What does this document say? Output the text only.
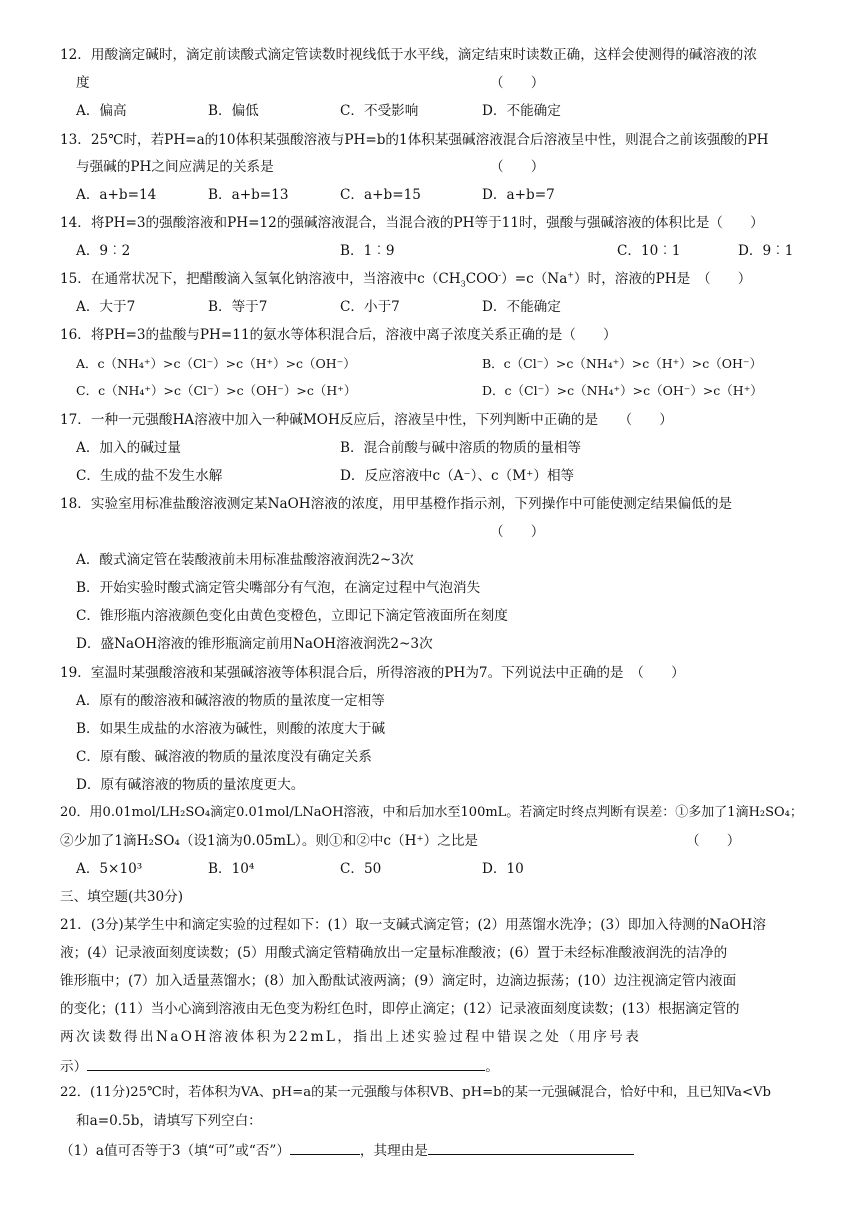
12．用酸滴定碱时，滴定前读酸式滴定管读数时视线低于水平线，滴定结束时读数正确，这样会使测得的碱溶液的浓
度	（　　）
A．偏高	B．偏低	C．不受影响	D．不能确定
13．25℃时，若PH=a的10体积某强酸溶液与PH=b的1体积某强碱溶液混合后溶液呈中性，则混合之前该强酸的PH
与强碱的PH之间应满足的关系是	（　　）
A．a+b=14	B．a+b=13	C．a+b=15	D．a+b=7
14．将PH=3的强酸溶液和PH=12的强碱溶液混合，当混合液的PH等于11时，强酸与强碱溶液的体积比是（　　）
A．9︰2	B．1︰9	C．10︰1	D．9︰1
15．在通常状况下，把醋酸滴入氢氧化钠溶液中，当溶液中$c(CH_3COO^-)=c(Na^+)$时，溶液的PH是　（　　）
A．大于7	B．等于7	C．小于7	D．不能确定
16．将PH=3的盐酸与PH=11的氨水等体积混合后，溶液中离子浓度关系正确的是（　　）
A．c（NH₄⁺）>c（Cl⁻）>c（H⁺）>c（OH⁻）	B．c（Cl⁻）>c（NH₄⁺）>c（H⁺）>c（OH⁻）
C．c（NH₄⁺）>c（Cl⁻）>c（OH⁻）>c（H⁺）	D．c（Cl⁻）>c（NH₄⁺）>c（OH⁻）>c（H⁺）
17．一种一元强酸HA溶液中加入一种碱MOH反应后，溶液呈中性，下列判断中正确的是　　（　　）
A．加入的碱过量	B．混合前酸与碱中溶质的物质的量相等
C．生成的盐不发生水解	D．反应溶液中c（A⁻）、c（M⁺）相等
18．实验室用标准盐酸溶液测定某NaOH溶液的浓度，用甲基橙作指示剂，下列操作中可能使测定结果偏低的是
（　　）
A．酸式滴定管在装酸液前未用标准盐酸溶液润洗2~3次
B．开始实验时酸式滴定管尖嘴部分有气泡，在滴定过程中气泡消失
C．锥形瓶内溶液颜色变化由黄色变橙色，立即记下滴定管液面所在刻度
D．盛NaOH溶液的锥形瓶滴定前用NaOH溶液润洗2~3次
19．室温时某强酸溶液和某强碱溶液等体积混合后，所得溶液的PH为7。下列说法中正确的是　（　　）
A．原有的酸溶液和碱溶液的物质的量浓度一定相等
B．如果生成盐的水溶液为碱性，则酸的浓度大于碱
C．原有酸、碱溶液的物质的量浓度没有确定关系
D．原有碱溶液的物质的量浓度更大。
20．用0.01mol/LH₂SO₄滴定0.01mol/LNaOH溶液，中和后加水至100mL。若滴定时终点判断有误差：①多加了1滴H₂SO₄；
②少加了1滴H₂SO₄（设1滴为0.05mL）。则①和②中c（H⁺）之比是	（　　）
A．5×10³	B．10⁴	C．50	D．10
三、填空题(共30分)
21．(3分)某学生中和滴定实验的过程如下：(1）取一支碱式滴定管；(2）用蒸馏水洗净；(3）即加入待测的NaOH溶
液；(4）记录液面刻度读数；(5）用酸式滴定管精确放出一定量标准酸液；(6）置于未经标准酸液润洗的洁净的
锥形瓶中；(7）加入适量蒸馏水；(8）加入酚酞试液两滴；(9）滴定时，边滴边振荡；(10）边注视滴定管内液面
的变化；(11）当小心滴到溶液由无色变为粉红色时，即停止滴定；(12）记录液面刻度读数；(13）根据滴定管的
两次读数得出NaOH溶液体积为22mL，指出上述实验过程中错误之处（用序号表
示）	。
22．(11分)25℃时，若体积为VA、pH=a的某一元强酸与体积VB、pH=b的某一元强碱混合，恰好中和，且已知Va<Vb
和a=0.5b，请填写下列空白：
（1）a值可否等于3（填“可”或“否”）	，其理由是
